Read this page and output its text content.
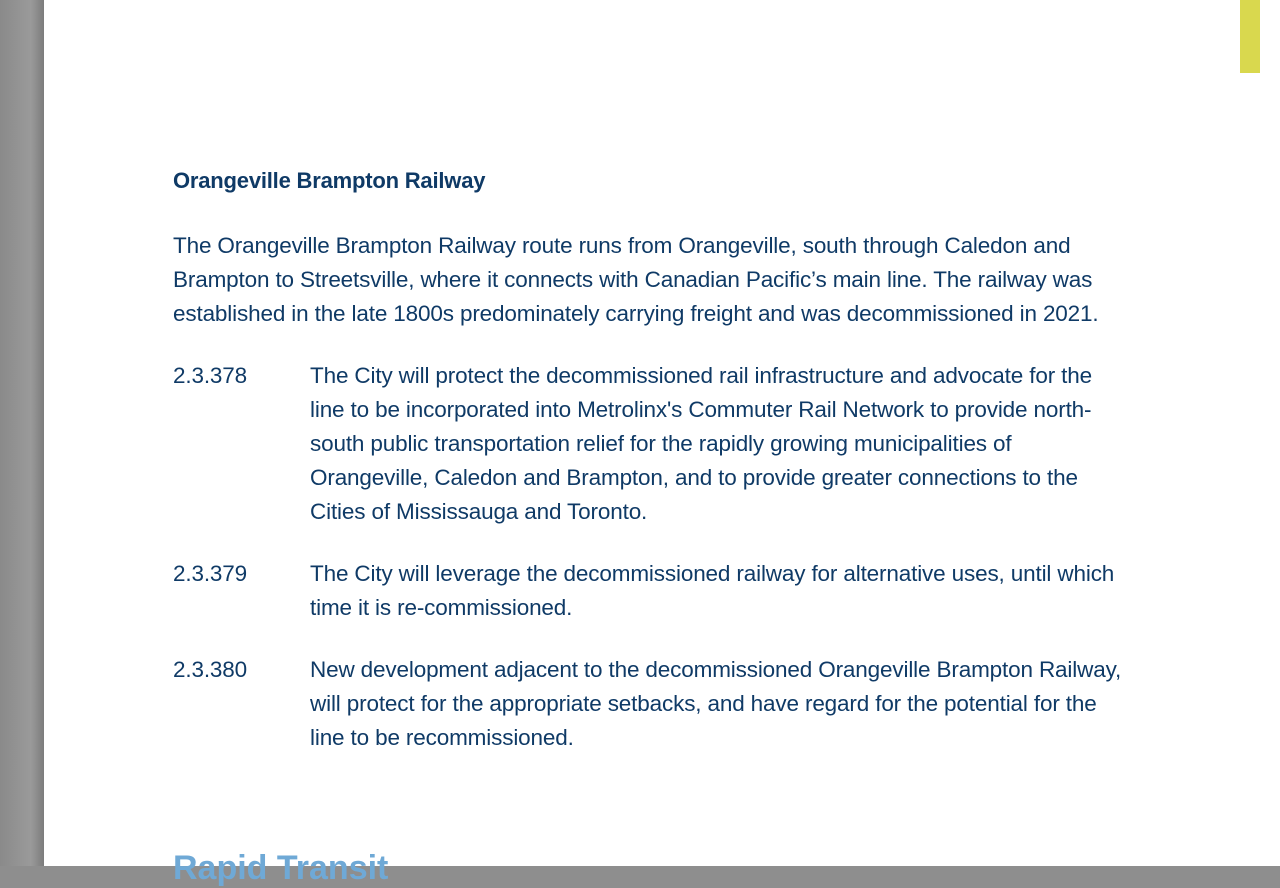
Orangeville Brampton Railway

The Orangeville Brampton Railway route runs from Orangeville, south through Caledon and Brampton to Streetsville, where it connects with Canadian Pacific’s main line. The railway was established in the late 1800s predominately carrying freight and was decommissioned in 2021.

2.3.378	The City will protect the decommissioned rail infrastructure and advocate for the line to be incorporated into Metrolinx's Commuter Rail Network to provide north-south public transportation relief for the rapidly growing municipalities of Orangeville, Caledon and Brampton, and to provide greater connections to the Cities of Mississauga and Toronto.
2.3.379	The City will leverage the decommissioned railway for alternative uses, until which time it is re-commissioned.
2.3.380	New development adjacent to the decommissioned Orangeville Brampton Railway, will protect for the appropriate setbacks, and have regard for the potential for the line to be recommissioned.
Rapid Transit
